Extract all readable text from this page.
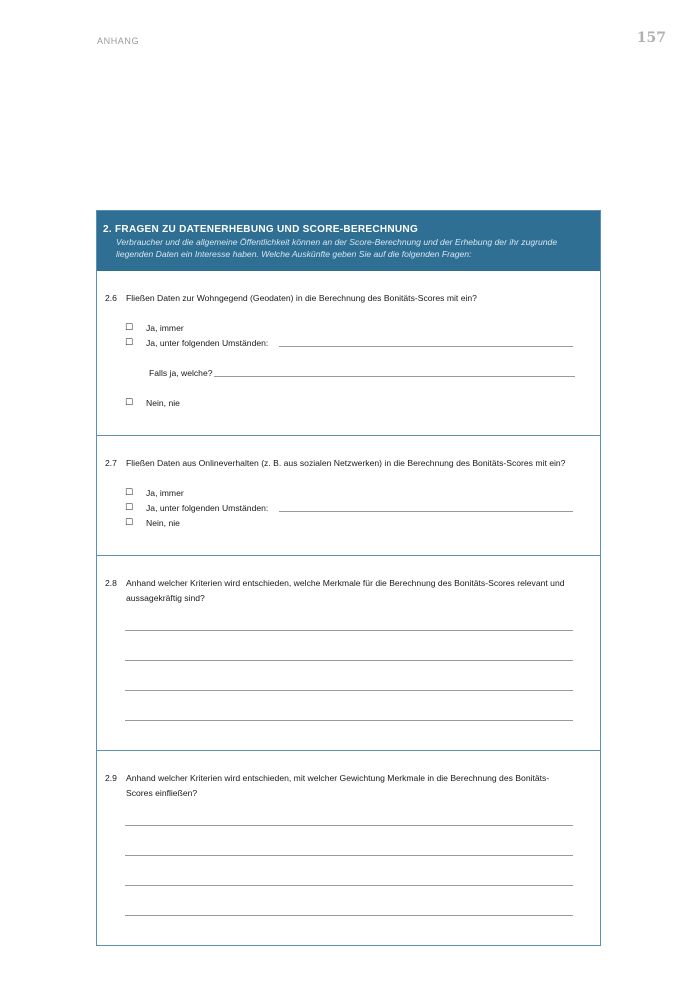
ANHANG	157
2. FRAGEN ZU DATENERHEBUNG UND SCORE-BERECHNUNG
Verbraucher und die allgemeine Öffentlichkeit können an der Score-Berechnung und der Erhebung der ihr zugrunde
liegenden Daten ein Interesse haben. Welche Auskünfte geben Sie auf die folgenden Fragen:
2.6 Fließen Daten zur Wohngegend (Geodaten) in die Berechnung des Bonitäts-Scores mit ein?
☐ Ja, immer
☐ Ja, unter folgenden Umständen:
Falls ja, welche?
☐ Nein, nie
2.7 Fließen Daten aus Onlineverhalten (z. B. aus sozialen Netzwerken) in die Berechnung des Bonitäts-Scores mit ein?
☐ Ja, immer
☐ Ja, unter folgenden Umständen:
☐ Nein, nie
2.8 Anhand welcher Kriterien wird entschieden, welche Merkmale für die Berechnung des Bonitäts-Scores relevant und aussagekräftig sind?
2.9 Anhand welcher Kriterien wird entschieden, mit welcher Gewichtung Merkmale in die Berechnung des Bonitäts-Scores einfließen?
